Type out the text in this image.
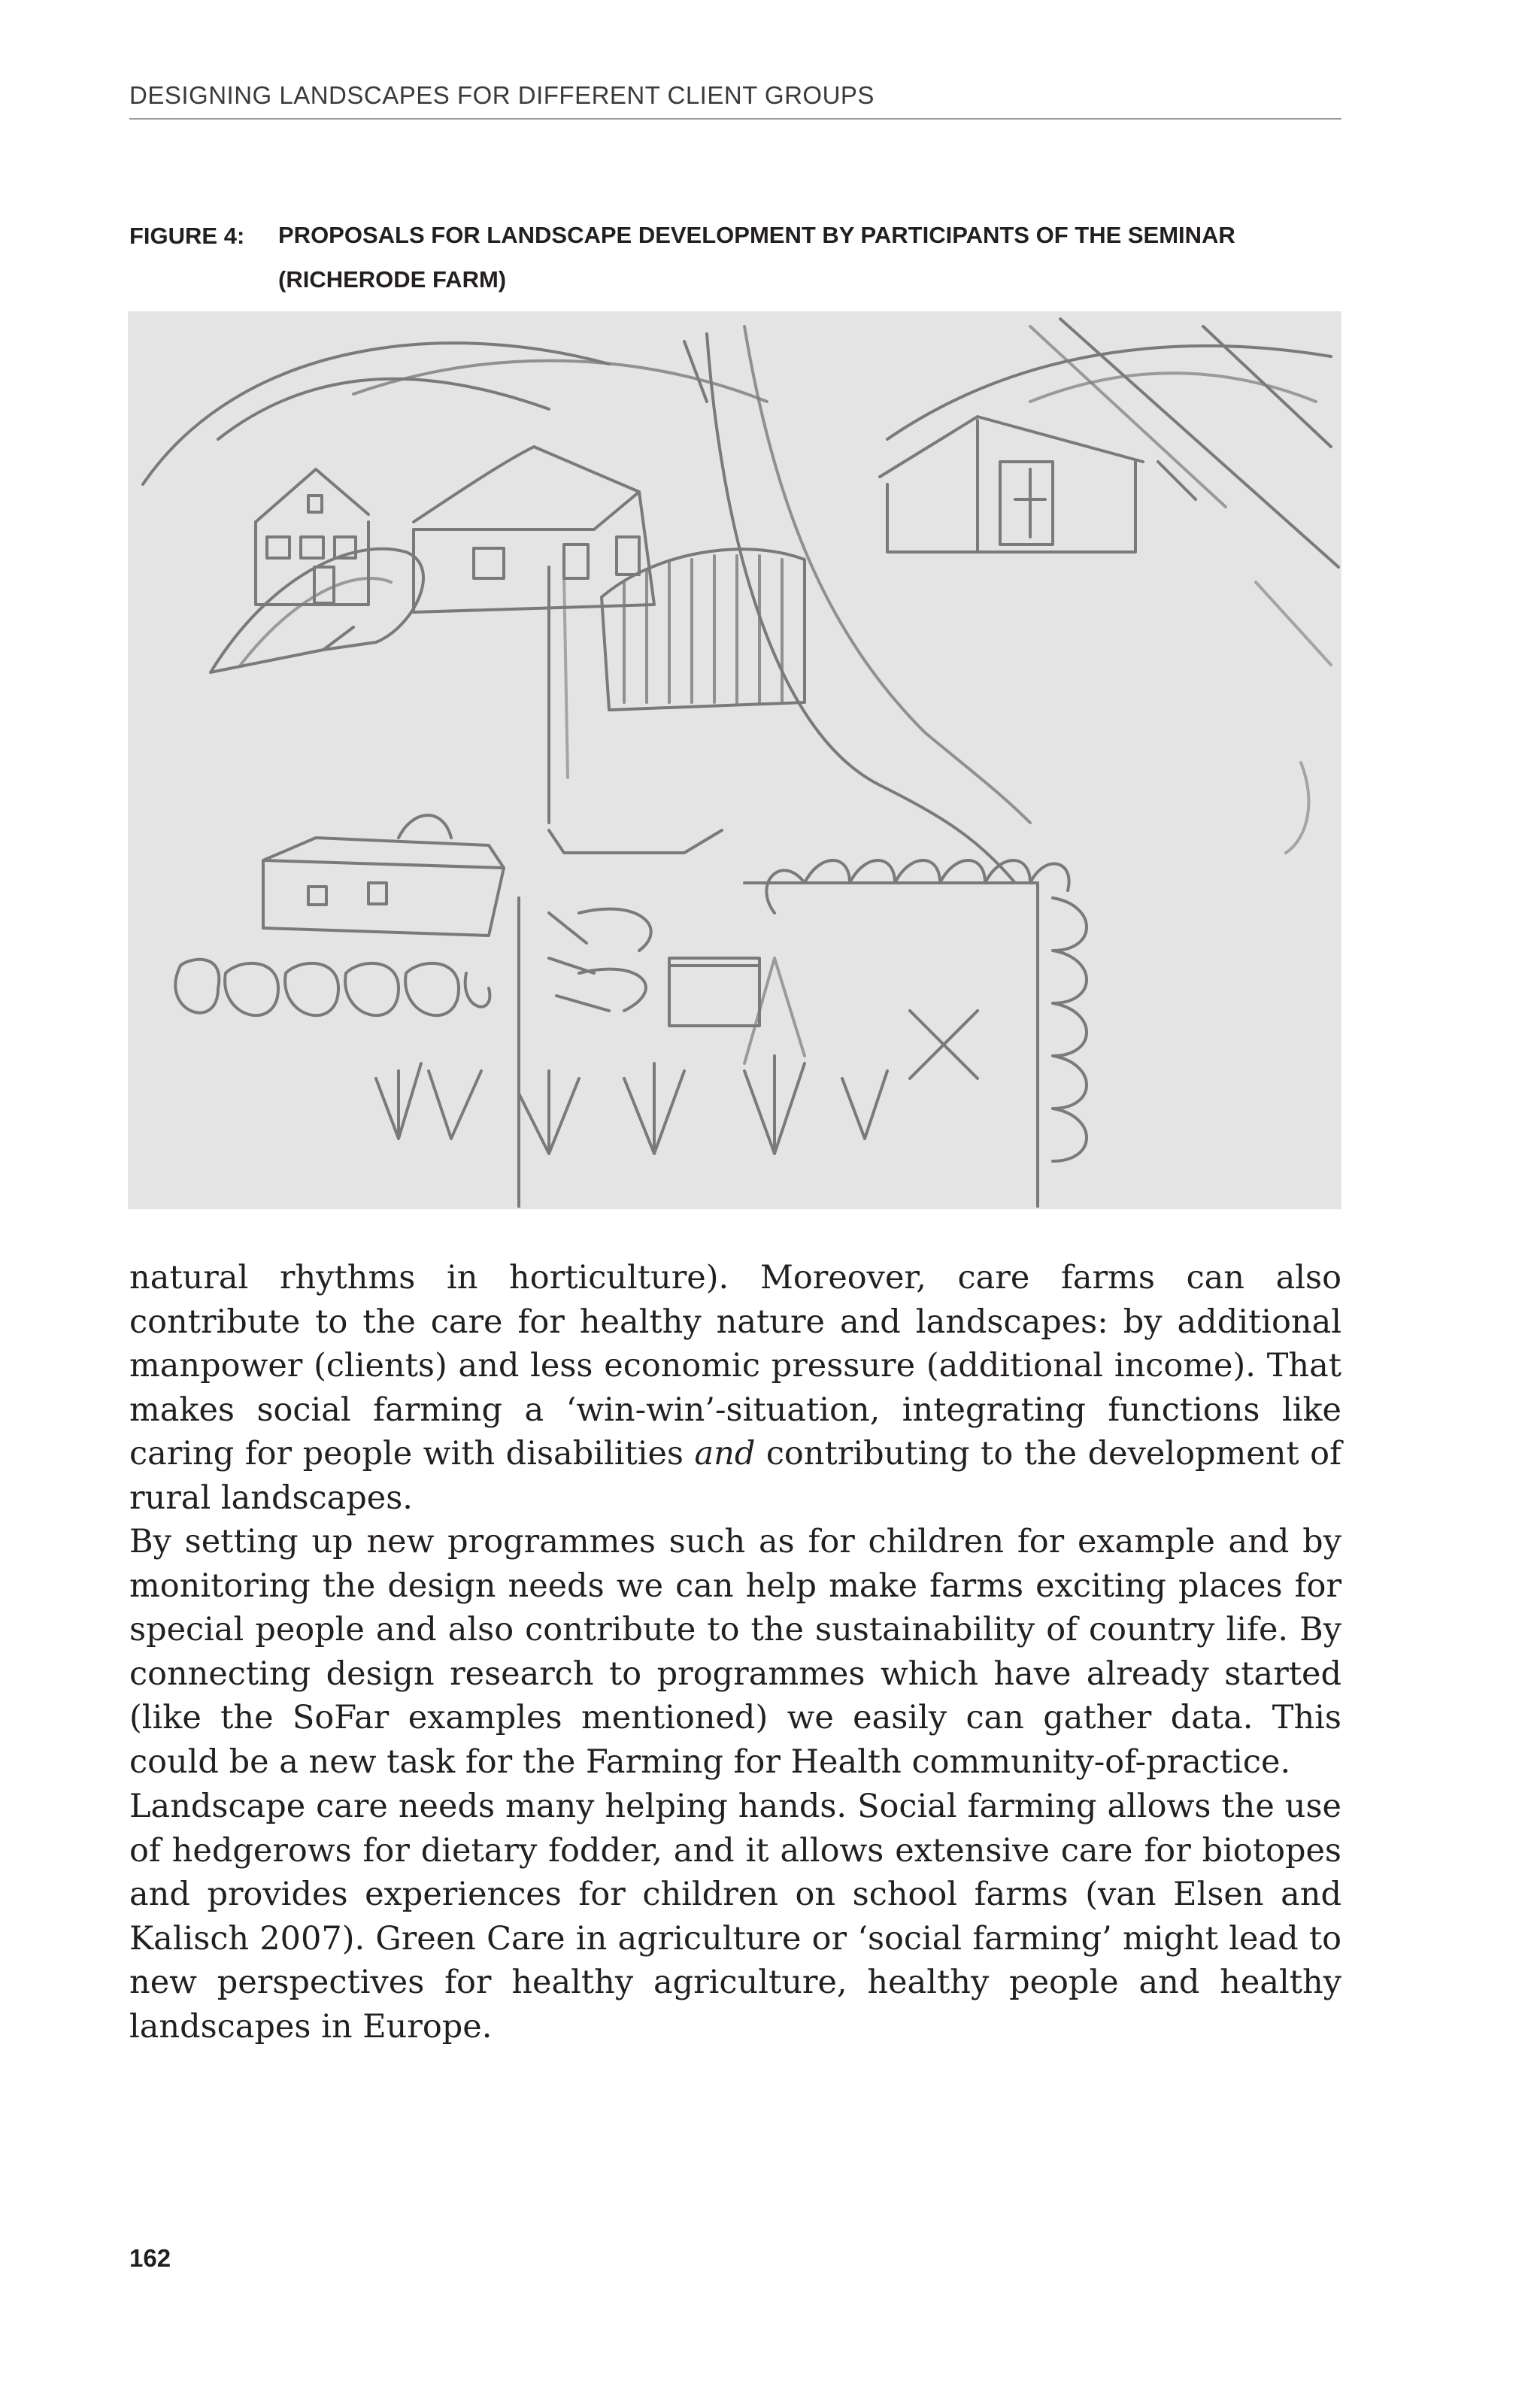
DESIGNING LANDSCAPES FOR DIFFERENT CLIENT GROUPS
FIGURE 4: PROPOSALS FOR LANDSCAPE DEVELOPMENT BY PARTICIPANTS OF THE SEMINAR (RICHERODE FARM)

natural rhythms in horticulture). Moreover, care farms can also contribute to the care for healthy nature and landscapes: by additional manpower (clients) and less economic pressure (additional income). That makes social farming a ‘win-win’-situation, integrating functions like caring for people with disabilities and contributing to the development of rural landscapes.

By setting up new programmes such as for children for example and by monitoring the design needs we can help make farms exciting places for special people and also contribute to the sustainability of country life. By connecting design research to programmes which have already started (like the SoFar examples mentioned) we easily can gather data. This could be a new task for the Farming for Health community-of-practice.

Landscape care needs many helping hands. Social farming allows the use of hedgerows for dietary fodder, and it allows extensive care for biotopes and provides experiences for children on school farms (van Elsen and Kalisch 2007). Green Care in agriculture or ‘social farming’ might lead to new perspectives for healthy agriculture, healthy people and healthy landscapes in Europe.

162
